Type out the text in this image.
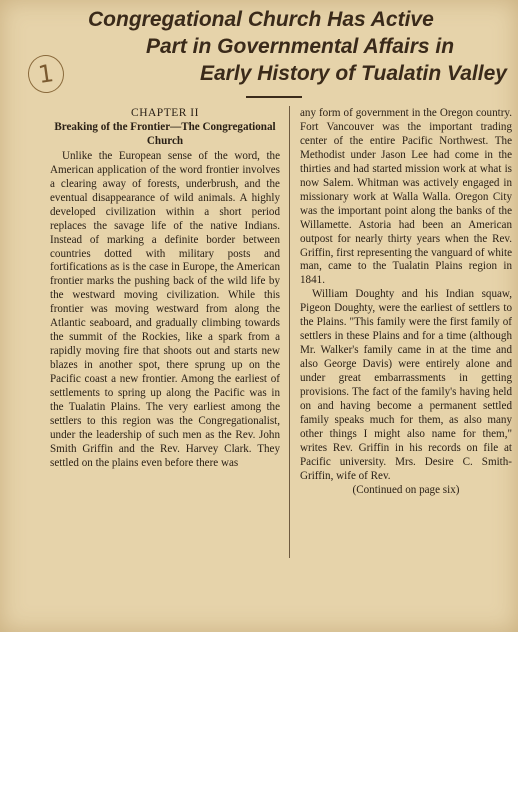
1
Congregational Church Has Active
Part in Governmental Affairs in
Early History of Tualatin Valley
CHAPTER II
Breaking of the Frontier—The Congregational Church

Unlike the European sense of the word, the American application of the word frontier involves a clearing away of forests, underbrush, and the eventual disappearance of wild animals. A highly developed civilization within a short period replaces the savage life of the native Indians. Instead of marking a definite border between countries dotted with military posts and fortifications as is the case in Europe, the American frontier marks the pushing back of the wild life by the westward moving civilization. While this frontier was moving westward from along the Atlantic seaboard, and gradually climbing towards the summit of the Rockies, like a spark from a rapidly moving fire that shoots out and starts new blazes in another spot, there sprung up on the Pacific coast a new frontier. Among the earliest of settlements to spring up along the Pacific was in the Tualatin Plains. The very earliest among the settlers to this region was the Congregationalist, under the leadership of such men as the Rev. John Smith Griffin and the Rev. Harvey Clark. They settled on the plains even before there was

any form of government in the Oregon country. Fort Vancouver was the important trading center of the entire Pacific Northwest. The Methodist under Jason Lee had come in the thirties and had started mission work at what is now Salem. Whitman was actively engaged in missionary work at Walla Walla. Oregon City was the important point along the banks of the Willamette. Astoria had been an American outpost for nearly thirty years when the Rev. Griffin, first representing the vanguard of white man, came to the Tualatin Plains region in 1841.

William Doughty and his Indian squaw, Pigeon Doughty, were the earliest of settlers to the Plains. "This family were the first family of settlers in these Plains and for a time (although Mr. Walker's family came in at the time and also George Davis) were entirely alone and under great embarrassments in getting provisions. The fact of the family's having held on and having become a permanent settled family speaks much for them, as also many other things I might also name for them," writes Rev. Griffin in his records on file at Pacific university. Mrs. Desire C. Smith-Griffin, wife of Rev.

(Continued on page six)
